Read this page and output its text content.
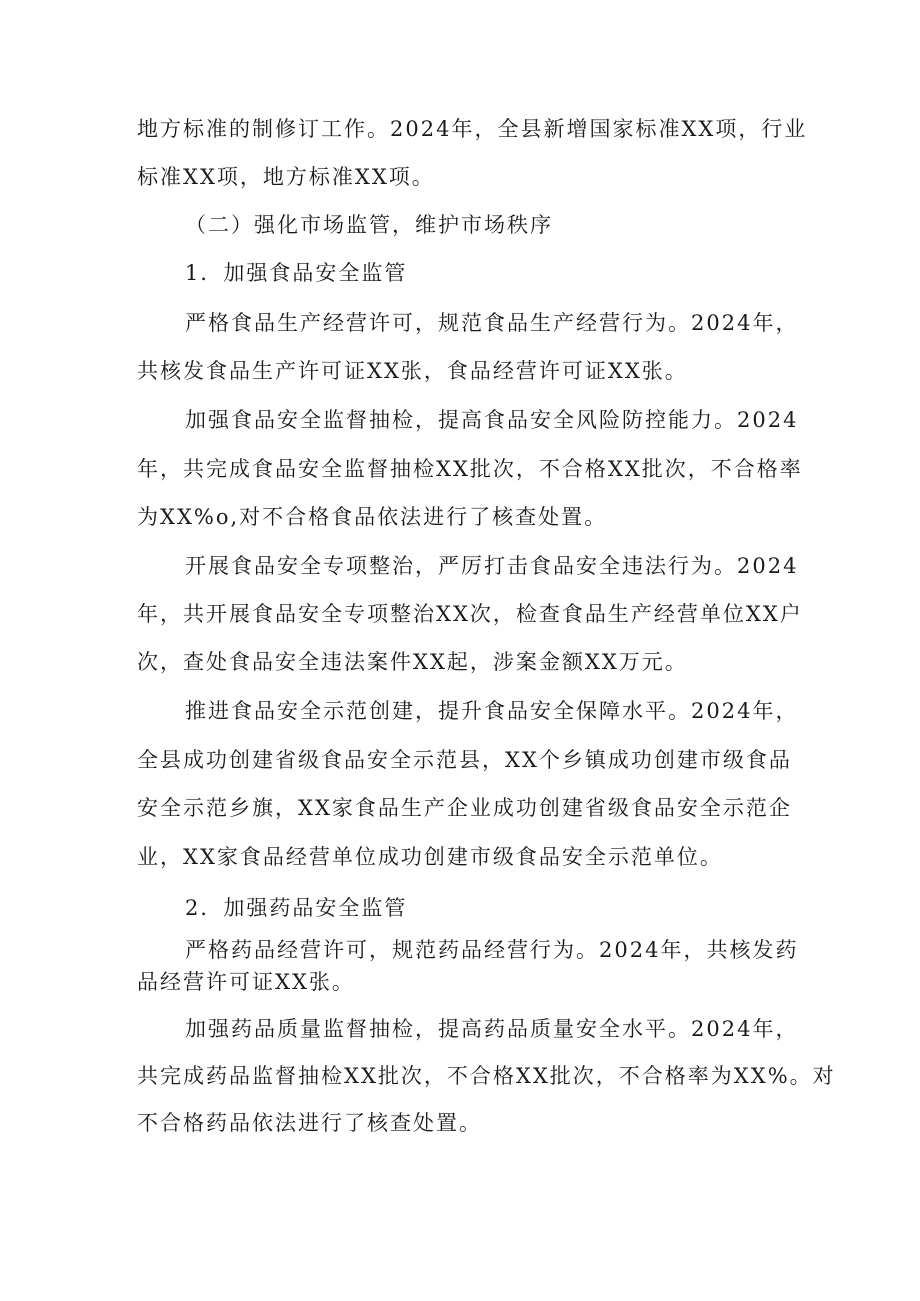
地方标准的制修订工作。2024年，全县新增国家标准XX项，行业
标准XX项，地方标准XX项。
（二）强化市场监管，维护市场秩序
1．加强食品安全监管
严格食品生产经营许可，规范食品生产经营行为。2024年，
共核发食品生产许可证XX张，食品经营许可证XX张。
加强食品安全监督抽检，提高食品安全风险防控能力。2024
年，共完成食品安全监督抽检XX批次，不合格XX批次，不合格率
为XX%o,对不合格食品依法进行了核查处置。
开展食品安全专项整治，严厉打击食品安全违法行为。2024
年，共开展食品安全专项整治XX次，检查食品生产经营单位XX户
次，查处食品安全违法案件XX起，涉案金额XX万元。
推进食品安全示范创建，提升食品安全保障水平。2024年，
全县成功创建省级食品安全示范县，XX个乡镇成功创建市级食品
安全示范乡旗，XX家食品生产企业成功创建省级食品安全示范企
业，XX家食品经营单位成功创建市级食品安全示范单位。
2．加强药品安全监管
严格药品经营许可，规范药品经营行为。2024年，共核发药
品经营许可证XX张。
加强药品质量监督抽检，提高药品质量安全水平。2024年，
共完成药品监督抽检XX批次，不合格XX批次，不合格率为XX%。对
不合格药品依法进行了核查处置。
